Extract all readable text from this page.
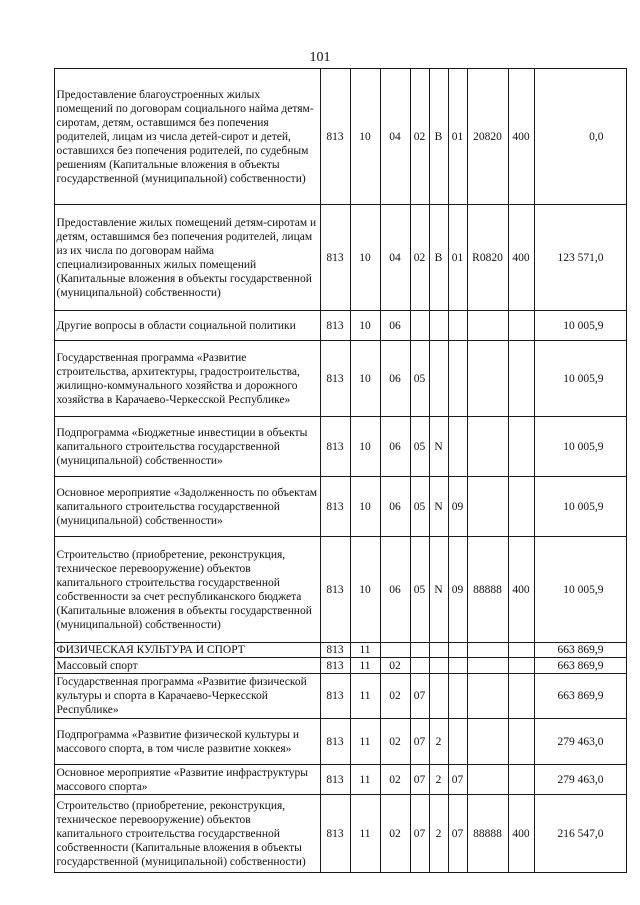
101
	Предоставление благоустроенных жилых помещений по договорам социального найма детям-сиротам, детям, оставшимся без попечения родителей, лицам из числа детей-сирот и детей, оставшихся без попечения родителей, по судебным решениям (Капитальные вложения в объекты государственной (муниципальной) собственности)	813	10	04	02	B	01	20820	400	0,0
	Предоставление жилых помещений детям-сиротам и детям, оставшимся без попечения родителей, лицам из их числа по договорам найма специализированных жилых помещений (Капитальные вложения в объекты государственной (муниципальной) собственности)	813	10	04	02	B	01	R0820	400	123 571,0
	Другие вопросы в области социальной политики	813	10	06						10 005,9
	Государственная программа «Развитие строительства, архитектуры, градостроительства, жилищно-коммунального хозяйства и дорожного хозяйства в Карачаево-Черкесской Республике»	813	10	06	05					10 005,9
	Подпрограмма «Бюджетные инвестиции в объекты капитального строительства государственной (муниципальной) собственности»	813	10	06	05	N				10 005,9
	Основное мероприятие «Задолженность по объектам капитального строительства государственной (муниципальной) собственности»	813	10	06	05	N	09			10 005,9
	Строительство (приобретение, реконструкция, техническое перевооружение) объектов капитального строительства государственной собственности за счет республиканского бюджета (Капитальные вложения в объекты государственной (муниципальной) собственности)	813	10	06	05	N	09	88888	400	10 005,9
	ФИЗИЧЕСКАЯ КУЛЬТУРА И СПОРТ	813	11							663 869,9
	Массовый спорт	813	11	02						663 869,9
	Государственная программа «Развитие физической культуры и спорта в Карачаево-Черкесской Республике»	813	11	02	07					663 869,9
	Подпрограмма «Развитие физической культуры и массового спорта, в том числе развитие хоккея»	813	11	02	07	2				279 463,0
	Основное мероприятие «Развитие инфраструктуры массового спорта»	813	11	02	07	2	07			279 463,0
	Строительство (приобретение, реконструкция, техническое перевооружение) объектов капитального строительства государственной собственности (Капитальные вложения в объекты государственной (муниципальной) собственности)	813	11	02	07	2	07	88888	400	216 547,0
